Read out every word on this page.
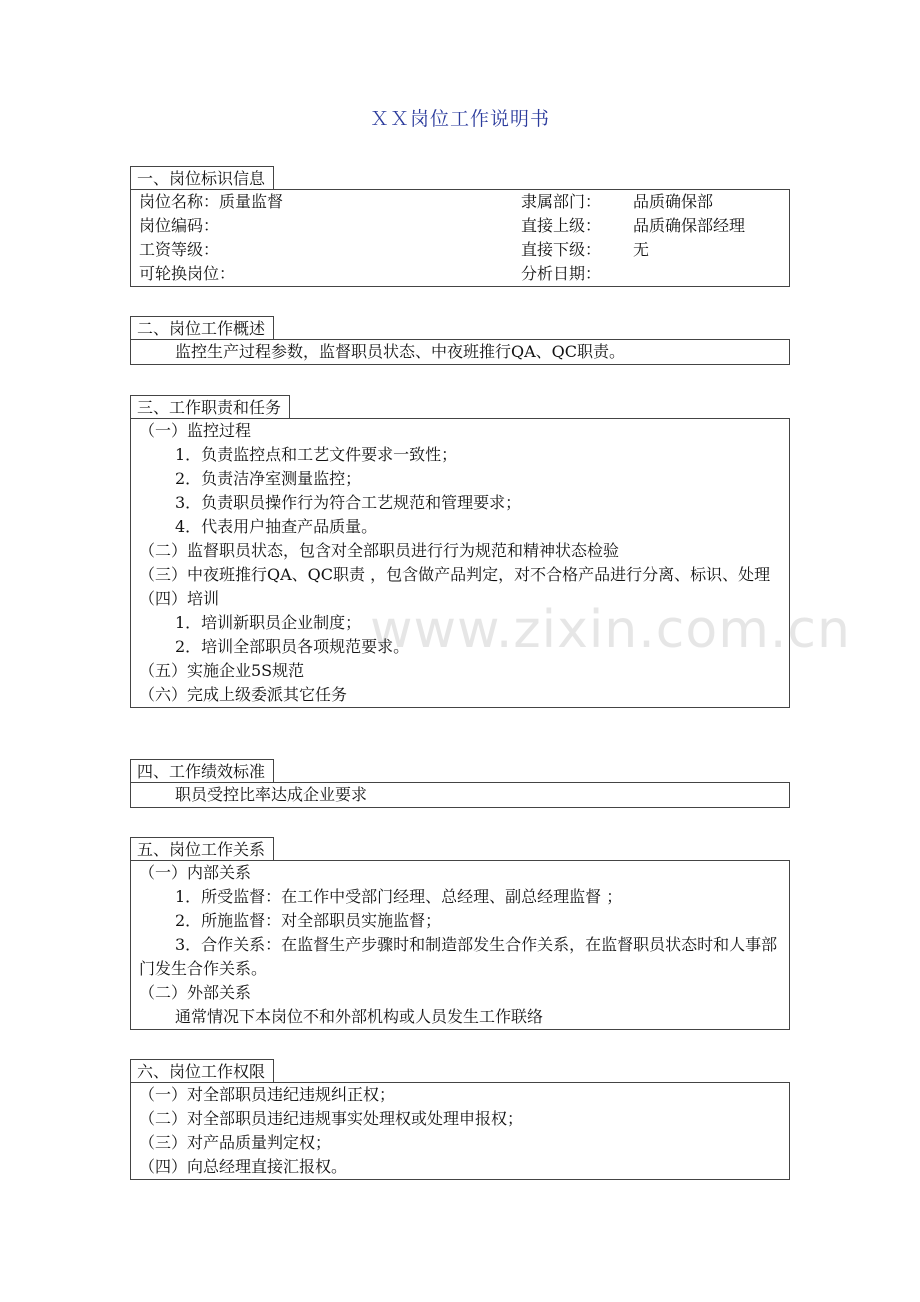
www.zixin.com.cn
ＸＸ岗位工作说明书
一、岗位标识信息
岗位名称：质量监督	隶属部门：	品质确保部
岗位编码：	直接上级：	品质确保部经理
工资等级：	直接下级：	无
可轮换岗位：	分析日期：
二、岗位工作概述
监控生产过程参数，监督职员状态、中夜班推行QA、QC职责。
三、工作职责和任务
（一）监控过程
1．负责监控点和工艺文件要求一致性；
2．负责洁净室测量监控；
3．负责职员操作行为符合工艺规范和管理要求；
4．代表用户抽查产品质量。
（二）监督职员状态，包含对全部职员进行行为规范和精神状态检验
（三）中夜班推行QA、QC职责 ，包含做产品判定，对不合格产品进行分离、标识、处理
（四）培训
1．培训新职员企业制度；
2．培训全部职员各项规范要求。
（五）实施企业5S规范
（六）完成上级委派其它任务
四、工作绩效标准
职员受控比率达成企业要求
五、岗位工作关系
（一）内部关系
1．所受监督：在工作中受部门经理、总经理、副总经理监督 ；
2．所施监督：对全部职员实施监督；
3．合作关系：在监督生产步骤时和制造部发生合作关系，在监督职员状态时和人事部门发生合作关系。
（二）外部关系
通常情况下本岗位不和外部机构或人员发生工作联络
六、岗位工作权限
（一）对全部职员违纪违规纠正权；
（二）对全部职员违纪违规事实处理权或处理申报权；
（三）对产品质量判定权；
（四）向总经理直接汇报权。
